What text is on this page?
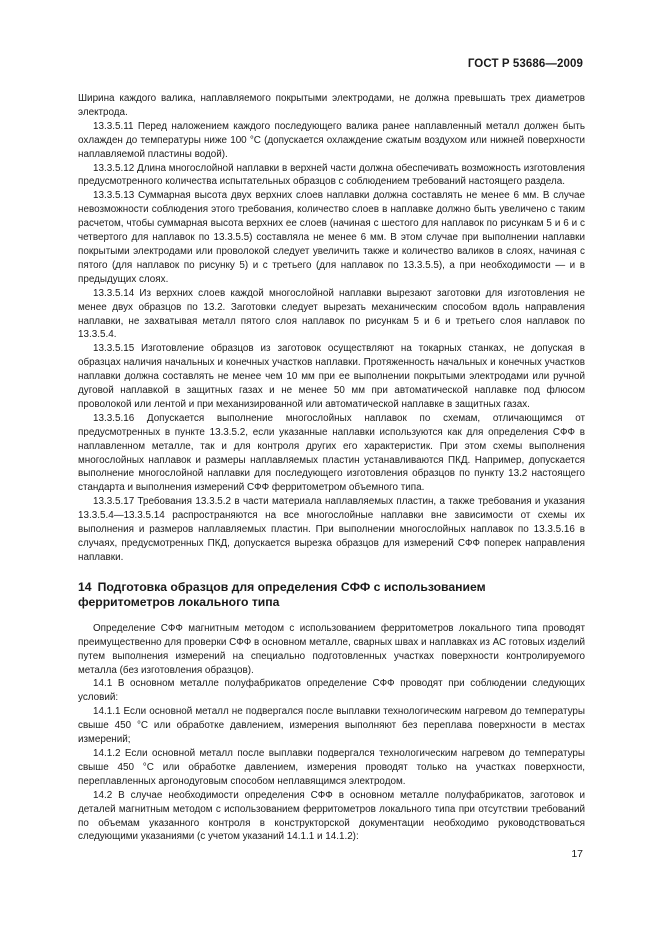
ГОСТ Р 53686—2009

Ширина каждого валика, наплавляемого покрытыми электродами, не должна превышать трех диаметров электрода.

13.3.5.11 Перед наложением каждого последующего валика ранее наплавленный металл должен быть охлажден до температуры ниже 100 °С (допускается охлаждение сжатым воздухом или нижней поверхности наплавляемой пластины водой).

13.3.5.12 Длина многослойной наплавки в верхней части должна обеспечивать возможность изготовления предусмотренного количества испытательных образцов с соблюдением требований настоящего раздела.

13.3.5.13 Суммарная высота двух верхних слоев наплавки должна составлять не менее 6 мм. В случае невозможности соблюдения этого требования, количество слоев в наплавке должно быть увеличено с таким расчетом, чтобы суммарная высота верхних ее слоев (начиная с шестого для наплавок по рисункам 5 и 6 и с четвертого для наплавок по 13.3.5.5) составляла не менее 6 мм. В этом случае при выполнении наплавки покрытыми электродами или проволокой следует увеличить также и количество валиков в слоях, начиная с пятого (для наплавок по рисунку 5) и с третьего (для наплавок по 13.3.5.5), а при необходимости — и в предыдущих слоях.

13.3.5.14 Из верхних слоев каждой многослойной наплавки вырезают заготовки для изготовления не менее двух образцов по 13.2. Заготовки следует вырезать механическим способом вдоль направления наплавки, не захватывая металл пятого слоя наплавок по рисункам 5 и 6 и третьего слоя наплавок по 13.3.5.4.

13.3.5.15 Изготовление образцов из заготовок осуществляют на токарных станках, не допуская в образцах наличия начальных и конечных участков наплавки. Протяженность начальных и конечных участков наплавки должна составлять не менее чем 10 мм при ее выполнении покрытыми электродами или ручной дуговой наплавкой в защитных газах и не менее 50 мм при автоматической наплавке под флюсом проволокой или лентой и при механизированной или автоматической наплавке в защитных газах.

13.3.5.16 Допускается выполнение многослойных наплавок по схемам, отличающимся от предусмотренных в пункте 13.3.5.2, если указанные наплавки используются как для определения СФФ в наплавленном металле, так и для контроля других его характеристик. При этом схемы выполнения многослойных наплавок и размеры наплавляемых пластин устанавливаются ПКД. Например, допускается выполнение многослойной наплавки для последующего изготовления образцов по пункту 13.2 настоящего стандарта и выполнения измерений СФФ ферритометром объемного типа.

13.3.5.17 Требования 13.3.5.2 в части материала наплавляемых пластин, а также требования и указания 13.3.5.4—13.3.5.14 распространяются на все многослойные наплавки вне зависимости от схемы их выполнения и размеров наплавляемых пластин. При выполнении многослойных наплавок по 13.3.5.16 в случаях, предусмотренных ПКД, допускается вырезка образцов для измерений СФФ поперек направления наплавки.

14 Подготовка образцов для определения СФФ с использованием ферритометров локального типа

Определение СФФ магнитным методом с использованием ферритометров локального типа проводят преимущественно для проверки СФФ в основном металле, сварных швах и наплавках из АС готовых изделий путем выполнения измерений на специально подготовленных участках поверхности контролируемого металла (без изготовления образцов).

14.1 В основном металле полуфабрикатов определение СФФ проводят при соблюдении следующих условий:

14.1.1 Если основной металл не подвергался после выплавки технологическим нагревом до температуры свыше 450 °С или обработке давлением, измерения выполняют без переплава поверхности в местах измерений;

14.1.2 Если основной металл после выплавки подвергался технологическим нагревом до температуры свыше 450 °С или обработке давлением, измерения проводят только на участках поверхности, переплавленных аргонодуговым способом неплавящимся электродом.

14.2 В случае необходимости определения СФФ в основном металле полуфабрикатов, заготовок и деталей магнитным методом с использованием ферритометров локального типа при отсутствии требований по объемам указанного контроля в конструкторской документации необходимо руководствоваться следующими указаниями (с учетом указаний 14.1.1 и 14.1.2):

17
